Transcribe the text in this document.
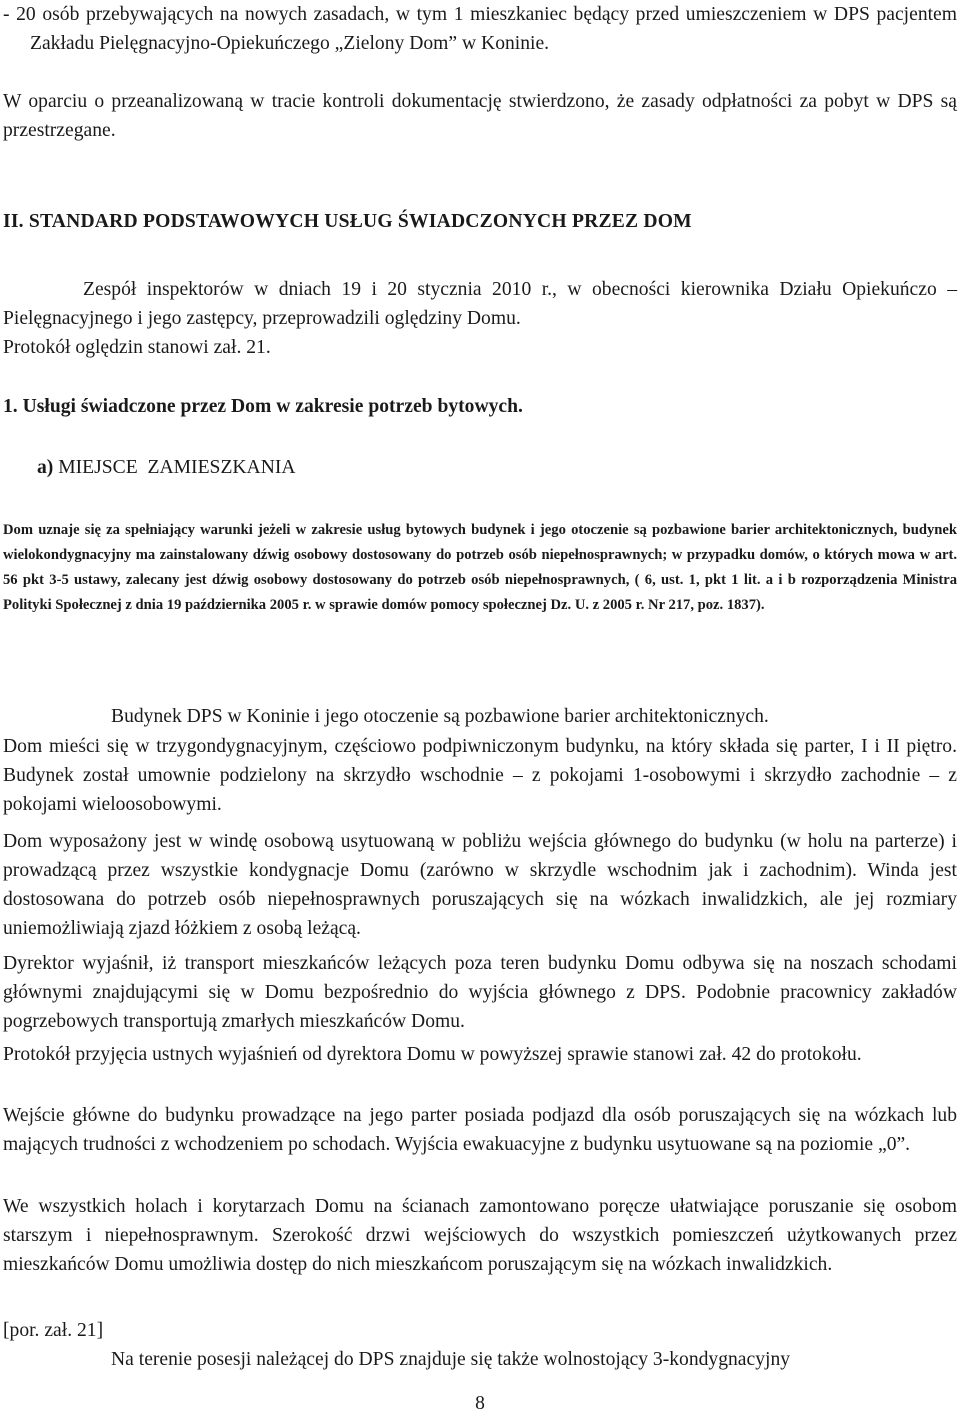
- 20 osób przebywających na nowych zasadach, w tym 1 mieszkaniec będący przed umieszczeniem w DPS pacjentem Zakładu Pielęgnacyjno-Opiekuńczego „Zielony Dom” w Koninie.

W oparciu o przeanalizowaną w tracie kontroli dokumentację stwierdzono, że zasady odpłatności za pobyt w DPS są przestrzegane.

II. STANDARD PODSTAWOWYCH USŁUG ŚWIADCZONYCH PRZEZ DOM

Zespół inspektorów w dniach 19 i 20 stycznia 2010 r., w obecności kierownika Działu Opiekuńczo – Pielęgnacyjnego i jego zastępcy, przeprowadzili oględziny Domu.

Protokół oględzin stanowi zał. 21.

1. Usługi świadczone przez Dom w zakresie potrzeb bytowych.

a) MIEJSCE  ZAMIESZKANIA

Dom uznaje się za spełniający warunki jeżeli w zakresie usług bytowych budynek i jego otoczenie są pozbawione barier architektonicznych, budynek wielokondygnacyjny ma zainstalowany dźwig osobowy dostosowany do potrzeb osób niepełnosprawnych; w przypadku domów, o których mowa w art. 56 pkt 3-5 ustawy, zalecany jest dźwig osobowy dostosowany do potrzeb osób niepełnosprawnych, ( 6, ust. 1, pkt 1 lit. a i b rozporządzenia Ministra Polityki Społecznej z dnia 19 października 2005 r. w sprawie domów pomocy społecznej Dz. U. z 2005 r. Nr 217, poz. 1837).

Budynek DPS w Koninie i jego otoczenie są pozbawione barier architektonicznych.

Dom mieści się w trzygondygnacyjnym, częściowo podpiwniczonym budynku, na który składa się parter, I i II piętro. Budynek został umownie podzielony na skrzydło wschodnie – z pokojami 1-osobowymi i skrzydło zachodnie – z pokojami wieloosobowymi.

Dom wyposażony jest w windę osobową usytuowaną w pobliżu wejścia głównego do budynku (w holu na parterze) i prowadzącą przez wszystkie kondygnacje Domu (zarówno w skrzydle wschodnim jak i zachodnim). Winda jest dostosowana do potrzeb osób niepełnosprawnych poruszających się na wózkach inwalidzkich, ale jej rozmiary uniemożliwiają zjazd łóżkiem z osobą leżącą.

Dyrektor wyjaśnił, iż transport mieszkańców leżących poza teren budynku Domu odbywa się na noszach schodami głównymi znajdującymi się w Domu bezpośrednio do wyjścia głównego z DPS. Podobnie pracownicy zakładów pogrzebowych transportują zmarłych mieszkańców Domu.

Protokół przyjęcia ustnych wyjaśnień od dyrektora Domu w powyższej sprawie stanowi zał. 42 do protokołu.

Wejście główne do budynku prowadzące na jego parter posiada podjazd dla osób poruszających się na wózkach lub mających trudności z wchodzeniem po schodach. Wyjścia ewakuacyjne z budynku usytuowane są na poziomie „0”.

We wszystkich holach i korytarzach Domu na ścianach zamontowano poręcze ułatwiające poruszanie się osobom starszym i niepełnosprawnym. Szerokość drzwi wejściowych do wszystkich pomieszczeń użytkowanych przez mieszkańców Domu umożliwia dostęp do nich mieszkańcom poruszającym się na wózkach inwalidzkich.

[por. zał. 21]

Na terenie posesji należącej do DPS znajduje się także wolnostojący 3-kondygnacyjny

8
